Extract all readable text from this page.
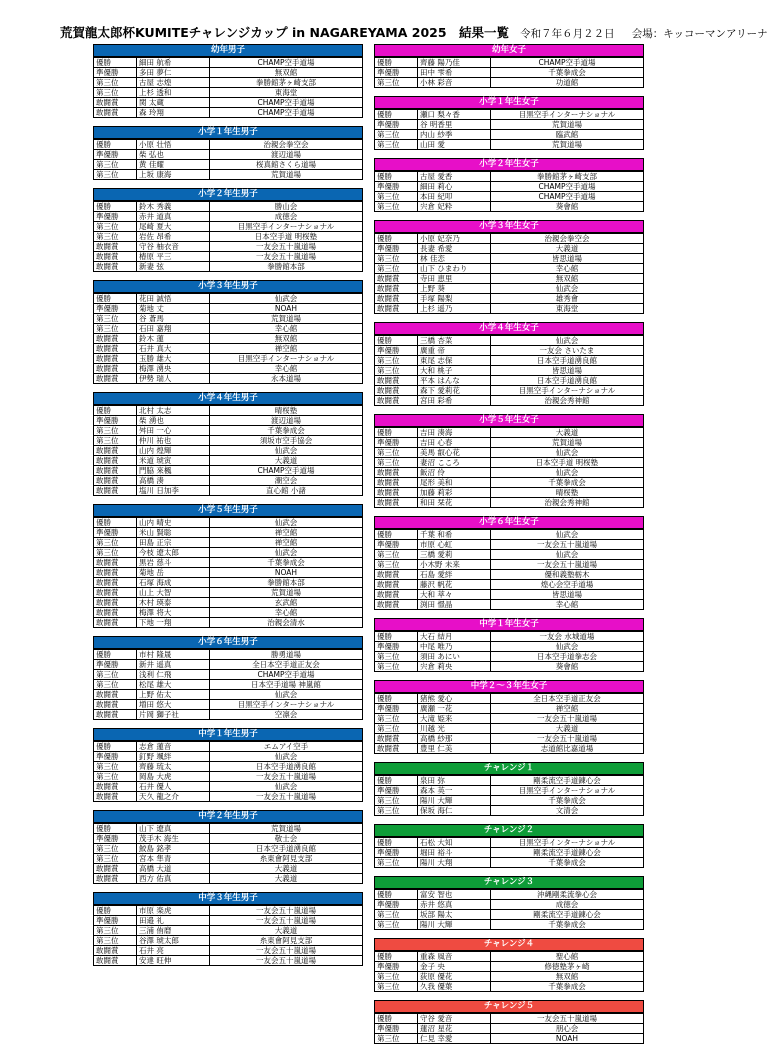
荒賀龍太郎杯KUMITEチャレンジカップ in NAGAREYAMA 2025　結果一覧 令和７年６月２２日 会場：キッコーマンアリーナ
幼年男子
優勝	細田 航希	CHAMP空手道場
準優勝	多田 夢仁	無双館
第三位	古屋 志煌	拳勝館茅ヶ崎支部
第三位	上杉 透和	東海堂
敢闘賞	関 太蔵	CHAMP空手道場
敢闘賞	森 玲翔	CHAMP空手道場
小学１年生男子
優勝	小原 壮悟	治親会拳空会
準優勝	柴 弘也	渡辺道場
第三位	黄 佳耀	桜真館さくら道場
第三位	上坂 康海	荒賀道場
小学２年生男子
優勝	鈴木 秀義	勝山会
準優勝	赤井 道真	成徳会
第三位	尾崎 夏大	目黒空手インターナショナル
第三位	岩佐 昂希	日本空手道 明桜塾
敢闘賞	守谷 柚衣音	一友会五十嵐道場
敢闘賞	椿原 平三	一友会五十嵐道場
敢闘賞	新妻 弦	拳勝館本部
小学３年生男子
優勝	花田 誠悟	仙武会
準優勝	菊地 丈	NOAH
第三位	谷 蒼馬	荒賀道場
第三位	石田 嘉翔	幸心館
敢闘賞	鈴木 蓮	無双館
敢闘賞	石井 真大	禅空館
敢闘賞	玉勝 雄大	目黒空手インターナショナル
敢闘賞	梅澤 湧央	幸心館
敢闘賞	伊勢 瑞人	永本道場
小学４年生男子
優勝	北村 太志	晴桜塾
準優勝	柴 湧也	渡辺道場
第三位	舛田 一心	千葉拳成会
第三位	仲川 祐也	須坂市空手協会
敢闘賞	山内 煌輝	仙武会
敢闘賞	米道 琥寅	大義道
敢闘賞	門脇 來楓	CHAMP空手道場
敢闘賞	高橋 湊	潮空会
敢闘賞	塩川 日加李	直心館 小諸
小学５年生男子
優勝	山内 晴史	仙武会
準優勝	米山 賢聡	禅空館
第三位	田島 正宗	禅空館
第三位	今枝 遼太郎	仙武会
敢闘賞	黒岩 慈斗	千葉拳成会
敢闘賞	菊地 岳	NOAH
敢闘賞	石塚 海成	拳勝館本部
敢闘賞	山上 大智	荒賀道場
敢闘賞	木村 瑛泰	玄武館
敢闘賞	梅澤 将大	幸心館
敢闘賞	下地 一翔	治親会清水
小学６年生男子
優勝	市村 隆晟	勝勇道場
準優勝	新井 遥真	全日本空手道正友会
第三位	浅利 仁飛	CHAMP空手道場
第三位	松尾 雄大	日本空手道場 神嵐館
敢闘賞	上野 佑太	仙武会
敢闘賞	増田 悠大	目黒空手インターナショナル
敢闘賞	片岡 獅子社	空凛会
中学１年生男子
優勝	志倉 蓮音	エムアイ空手
準優勝	釘野 颯絆	仙武会
第三位	齊藤 琉太	日本空手道湧良館
第三位	岡島 大虎	一友会五十嵐道場
敢闘賞	石井 優人	仙武会
敢闘賞	天久 龍之介	一友会五十嵐道場
中学２年生男子
優勝	山下 遼真	荒賀道場
準優勝	茂手木 海生	敬士会
第三位	鮫島 銘孝	日本空手道湧良館
第三位	宮本 隼青	糸東會阿見支部
敢闘賞	高橋 大道	大義道
敢闘賞	西方 佑真	大義道
中学３年生男子
優勝	市原 楽虎	一友会五十嵐道場
準優勝	田邉 礼	一友会五十嵐道場
第三位	三浦 侑磨	大義道
第三位	谷澤 琥太郎	糸東會阿見支部
敢闘賞	石井 亮	一友会五十嵐道場
敢闘賞	安達 旺伸	一友会五十嵐道場
幼年女子
優勝	齊藤 陽乃佳	CHAMP空手道場
準優勝	田中 雫希	千葉拳成会
第三位	小林 彩音	功道館
小学１年生女子
優勝	瀬口 梨々香	目黒空手インターナショナル
準優勝	谷 明香里	荒賀道場
第三位	内山 紗季	臨武館
第三位	山田 愛	荒賀道場
小学２年生女子
優勝	古屋 愛香	拳勝館茅ヶ崎支部
準優勝	細田 莉心	CHAMP空手道場
第三位	本田 紀叩	CHAMP空手道場
第三位	宍倉 妃粋	葵會館
小学３年生女子
優勝	小原 妃奈乃	治親会拳空会
準優勝	長妻 希愛	大義道
第三位	林 佳恋	皆思道場
第三位	山下 ひまわり	幸心館
敢闘賞	寺田 恵里	無双館
敢闘賞	上野 葵	仙武会
敢闘賞	手塚 陽梨	雄秀會
敢闘賞	上杉 遥乃	東海堂
小学４年生女子
優勝	三橋 杏菜	仙武会
準優勝	廣重 帝	一友会 さいたま
第三位	東尾 志保	日本空手道湧良館
第三位	大和 桃子	皆思道場
敢闘賞	平本 はんな	日本空手道湧良館
敢闘賞	森下 愛莉花	目黒空手インターナショナル
敢闘賞	宮田 彩希	治親会秀神館
小学５年生女子
優勝	吉田 湊海	大義道
準優勝	吉田 心春	荒賀道場
第三位	美馬 叡心花	仙武会
第三位	妻沼 こころ	日本空手道 明桜塾
敢闘賞	飯沼 伶	仙武会
敢闘賞	尾形 美和	千葉拳成会
敢闘賞	加藤 莉彩	晴桜塾
敢闘賞	和田 栞花	治親会秀神館
小学６年生女子
優勝	千葉 和希	仙武会
準優勝	市原 心虹	一友会五十嵐道場
第三位	三橋 愛莉	仙武会
第三位	小木野 未来	一友会五十嵐道場
敢闘賞	石島 愛絆	優和義塾栃木
敢闘賞	藤沢 帆花	煌心会空手道場
敢闘賞	大和 萃々	皆思道場
敢闘賞	渕田 憬晶	幸心館
中学１年生女子
優勝	大石 結月	一友会 水城道場
準優勝	中尾 唯乃	仙武会
第三位	須田 あにい	日本空手道拳志会
第三位	宍倉 莉央	葵會館
中学２～３年生女子
優勝	猪熊 愛心	全日本空手道正友会
準優勝	廣瀬 一花	禅空館
第三位	大滝 姫来	一友会五十嵐道場
第三位	川越 光	大義道
敢闘賞	高橋 紗那	一友会五十嵐道場
敢闘賞	豊里 仁美	志道館比嘉道場
チャレンジ１
優勝	泉田 弥	剛柔流空手道錬心会
準優勝	森本 英一	目黒空手インターナショナル
第三位	陽川 大輝	千葉拳成会
第三位	保坂 海仁	文清会
チャレンジ２
優勝	石松 大知	目黒空手インターナショナル
準優勝	堀田 裕斗	剛柔流空手道錬心会
第三位	陽川 大翔	千葉拳成会
チャレンジ３
優勝	富安 智也	沖縄剛柔流拳心会
準優勝	赤井 悠真	成徳会
第三位	坂部 陽太	剛柔流空手道錬心会
第三位	陽川 大輝	千葉拳成会
チャレンジ４
優勝	重森 風音	聖心館
準優勝	金子 央	修徳塾茅ヶ崎
第三位	荻原 優花	無双館
第三位	久我 優葉	千葉拳成会
チャレンジ５
優勝	守谷 愛音	一友会五十嵐道場
準優勝	蓮沼 星花	朋心会
第三位	仁見 幸愛	NOAH
